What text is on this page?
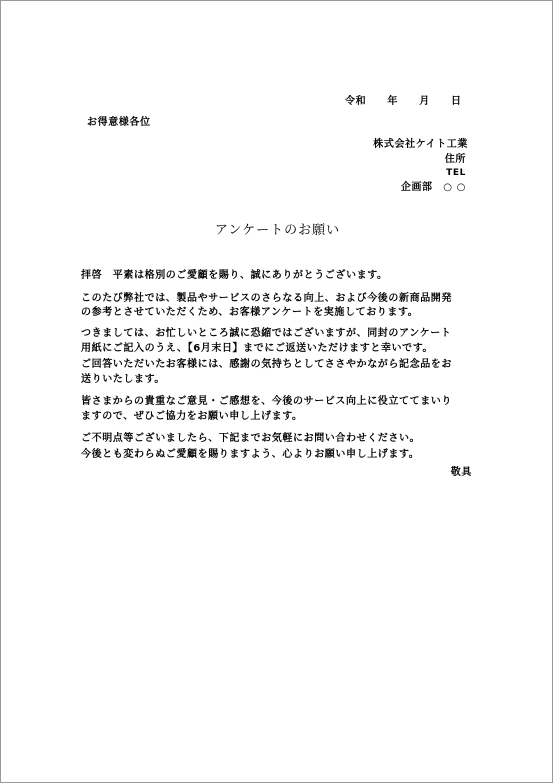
令和　　年　　月　　日
お得意様各位
株式会社ケイト工業
住所
TEL
企画部　○ ○
アンケートのお願い
拝啓　平素は格別のご愛顧を賜り、誠にありがとうございます。
このたび弊社では、製品やサービスのさらなる向上、および今後の新商品開発
の参考とさせていただくため、お客様アンケートを実施しております。
つきましては、お忙しいところ誠に恐縮ではございますが、同封のアンケート
用紙にご記入のうえ、【6月末日】までにご返送いただけますと幸いです。
ご回答いただいたお客様には、感謝の気持ちとしてささやかながら記念品をお
送りいたします。
皆さまからの貴重なご意見・ご感想を、今後のサービス向上に役立ててまいり
ますので、ぜひご協力をお願い申し上げます。
ご不明点等ございましたら、下記までお気軽にお問い合わせください。
今後とも変わらぬご愛顧を賜りますよう、心よりお願い申し上げます。
敬具
